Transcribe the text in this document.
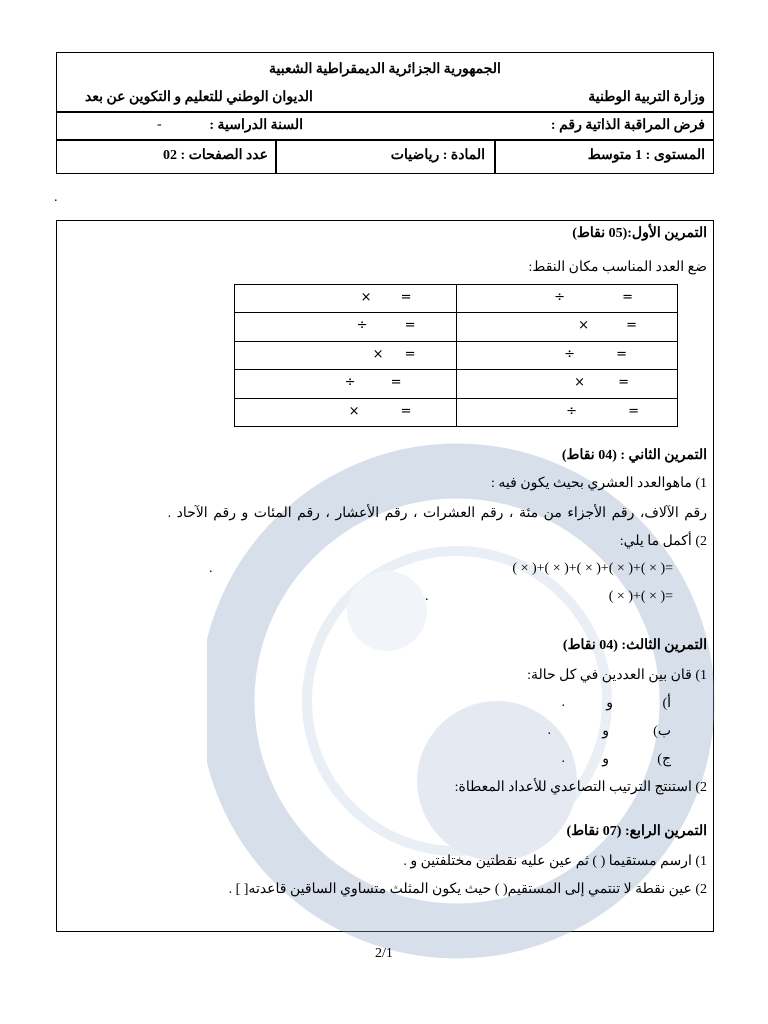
الجمهورية الجزائرية الديمقراطية الشعبية
وزارة التربية الوطنية
الديوان الوطني للتعليم و التكوين عن بعد
فرض المراقبة الذاتية رقم :
السنة الدراسية :
-
المستوى : 1 متوسط
المادة : رياضيات
عدد الصفحات : 02
.
التمرين الأول:(05 نقاط)
ضع العدد المناسب مكان النقط:
÷ =	× =

× =	÷ =

÷ =	× =

× =	÷ =

÷ =	× =
التمرين الثاني : (04 نقاط)
1) ماهوالعدد العشري بحيث يكون فيه :
رقم الآلاف، رقم الأجزاء من مئة ، رقم العشرات ، رقم الأعشار ، رقم المئات و رقم الآحاد .
2) أكمل ما يلي:
( × )+( × )+( × )+( × )+( × )=
.
( × )+( × )=
.
التمرين الثالث: (04 نقاط)
1) قان بين العددين في كل حالة:
أ)
و
.
ب)
و
.
ج)
و
.
2) استنتج الترتيب التصاعدي للأعداد المعطاة:
التمرين الرابع: (07 نقاط)
1) ارسم مستقيما ( ) ثم عين عليه نقطتين مختلفتين و .
2) عين نقطة لا تنتمي إلى المستقيم( ) حيث يكون المثلث متساوي الساقين قاعدته[ ] .
2/1
